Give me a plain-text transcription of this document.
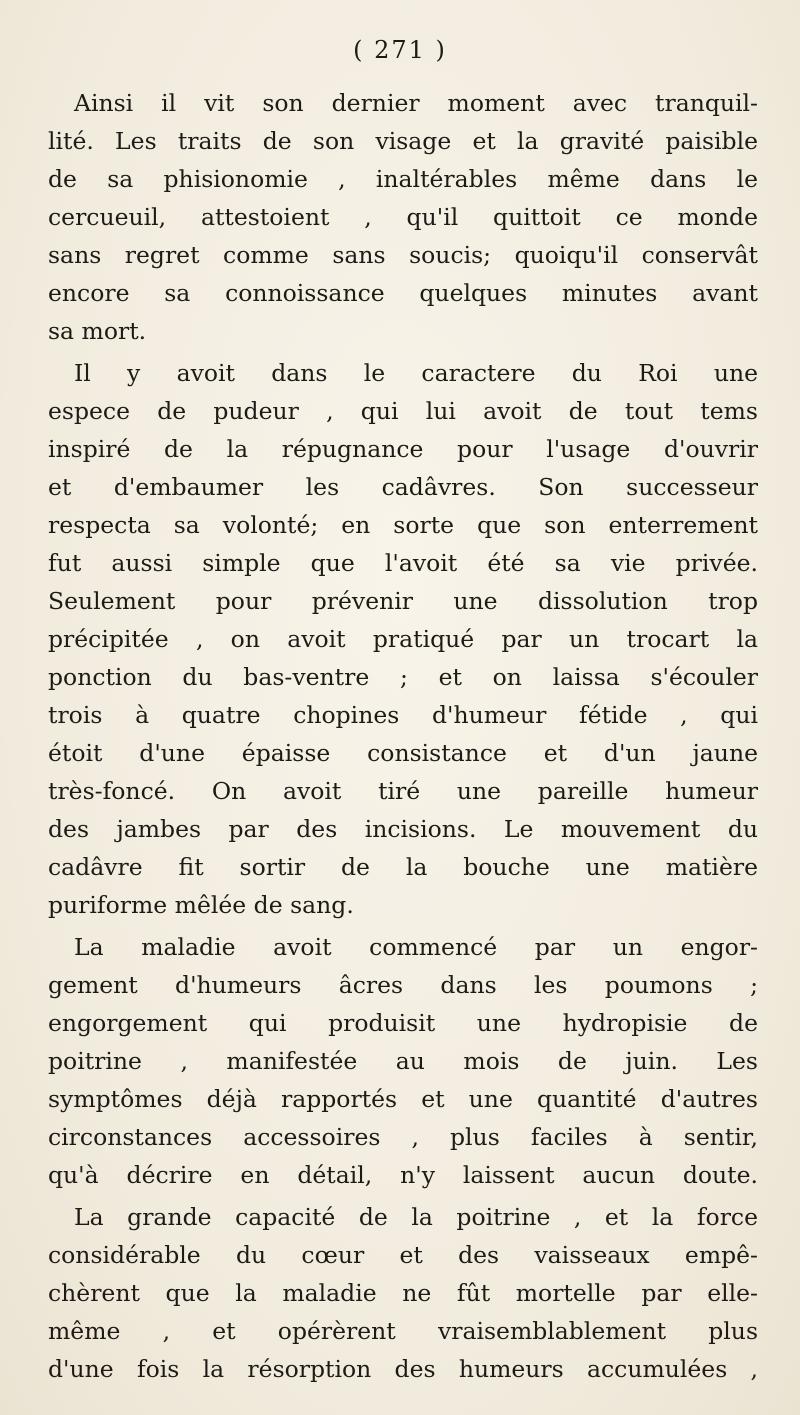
( 271 )
Ainsi il vit son dernier moment avec tranquil-
lité. Les traits de son visage et la gravité paisible
de sa phisionomie , inaltérables même dans le
cercueuil, attestoient , qu'il quittoit ce monde
sans regret comme sans soucis; quoiqu'il conservât
encore sa connoissance quelques minutes avant
sa mort.
Il y avoit dans le caractere du Roi une
espece de pudeur , qui lui avoit de tout tems
inspiré de la répugnance pour l'usage d'ouvrir
et d'embaumer les cadâvres. Son successeur
respecta sa volonté; en sorte que son enterrement
fut aussi simple que l'avoit été sa vie privée.
Seulement pour prévenir une dissolution trop
précipitée , on avoit pratiqué par un trocart la
ponction du bas-ventre ; et on laissa s'écouler
trois à quatre chopines d'humeur fétide , qui
étoit d'une épaisse consistance et d'un jaune
très-foncé. On avoit tiré une pareille humeur
des jambes par des incisions. Le mouvement du
cadâvre fit sortir de la bouche une matière
puriforme mêlée de sang.
La maladie avoit commencé par un engor-
gement d'humeurs âcres dans les poumons ;
engorgement qui produisit une hydropisie de
poitrine , manifestée au mois de juin. Les
symptômes déjà rapportés et une quantité d'autres
circonstances accessoires , plus faciles à sentir,
qu'à décrire en détail, n'y laissent aucun doute.
La grande capacité de la poitrine , et la force
considérable du cœur et des vaisseaux empê-
chèrent que la maladie ne fût mortelle par elle-
même , et opérèrent vraisemblablement plus
d'une fois la résorption des humeurs accumulées ,
